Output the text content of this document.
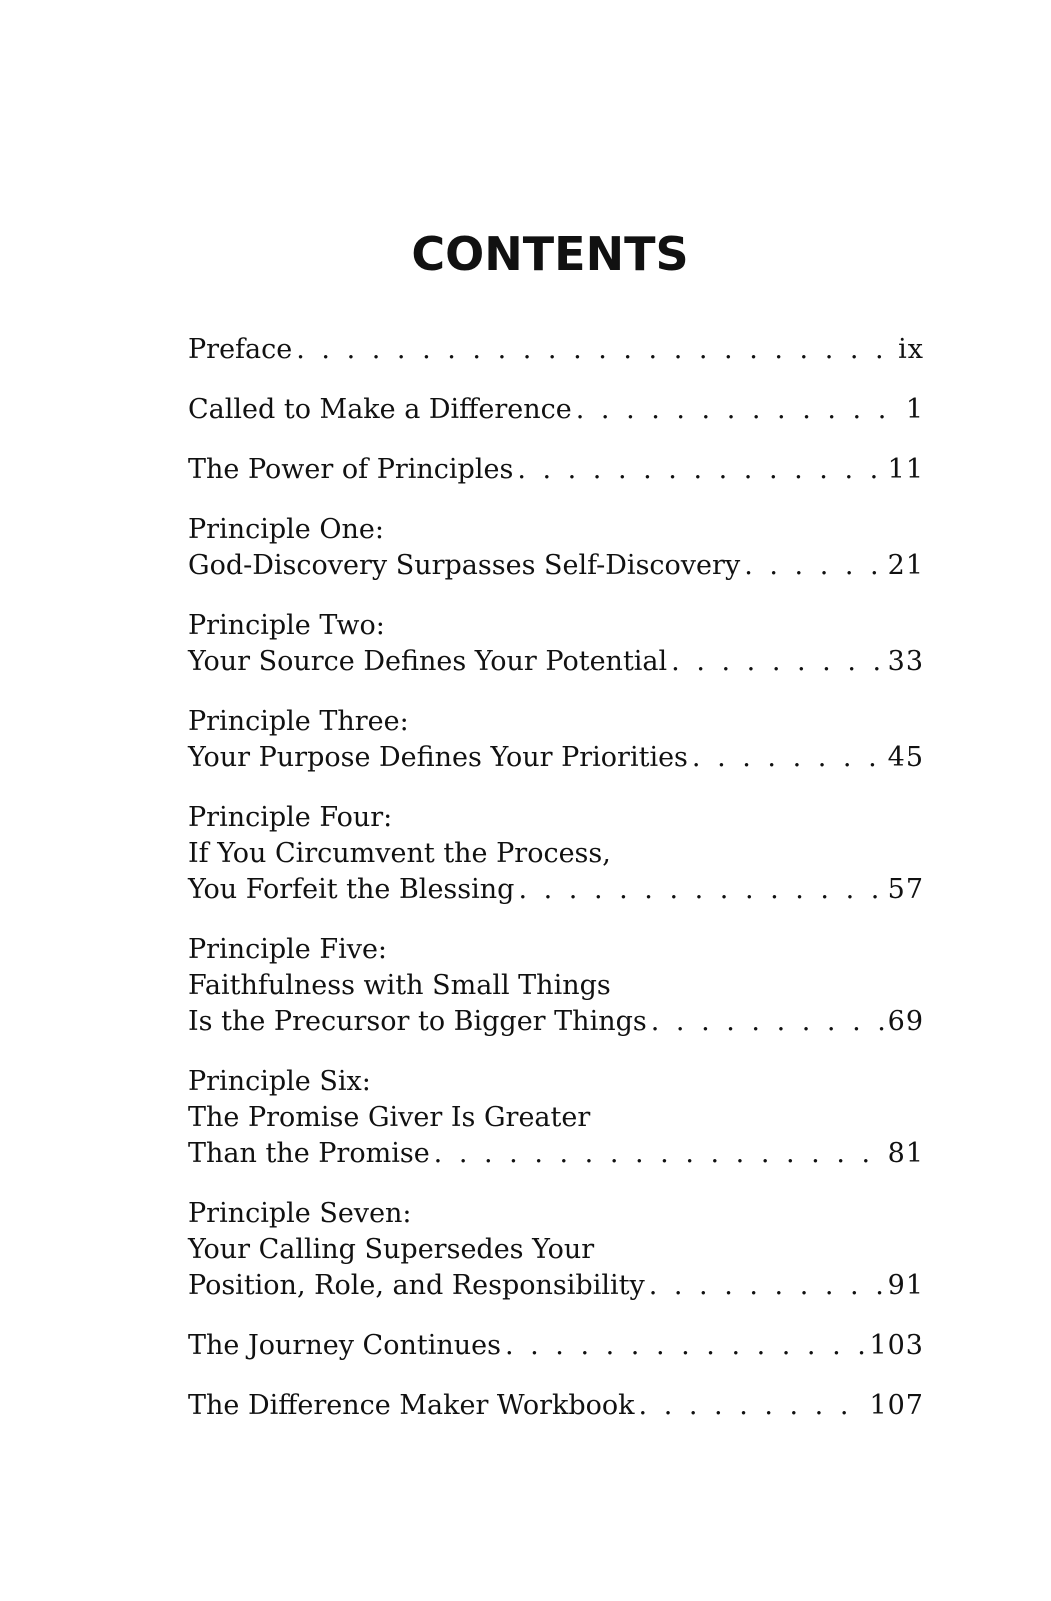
CONTENTS
Preface . . .	ix
Called to Make a Difference . . .	1
The Power of Principles . . .	11
Principle One:
God-Discovery Surpasses Self-Discovery . . .	21
Principle Two:
Your Source Defines Your Potential . . .	33
Principle Three:
Your Purpose Defines Your Priorities . . .	45
Principle Four:
If You Circumvent the Process,
You Forfeit the Blessing . . .	57
Principle Five:
Faithfulness with Small Things
Is the Precursor to Bigger Things . . .	69
Principle Six:
The Promise Giver Is Greater
Than the Promise . . .	81
Principle Seven:
Your Calling Supersedes Your
Position, Role, and Responsibility . . .	91
The Journey Continues . . .	103
The Difference Maker Workbook . . .	107
